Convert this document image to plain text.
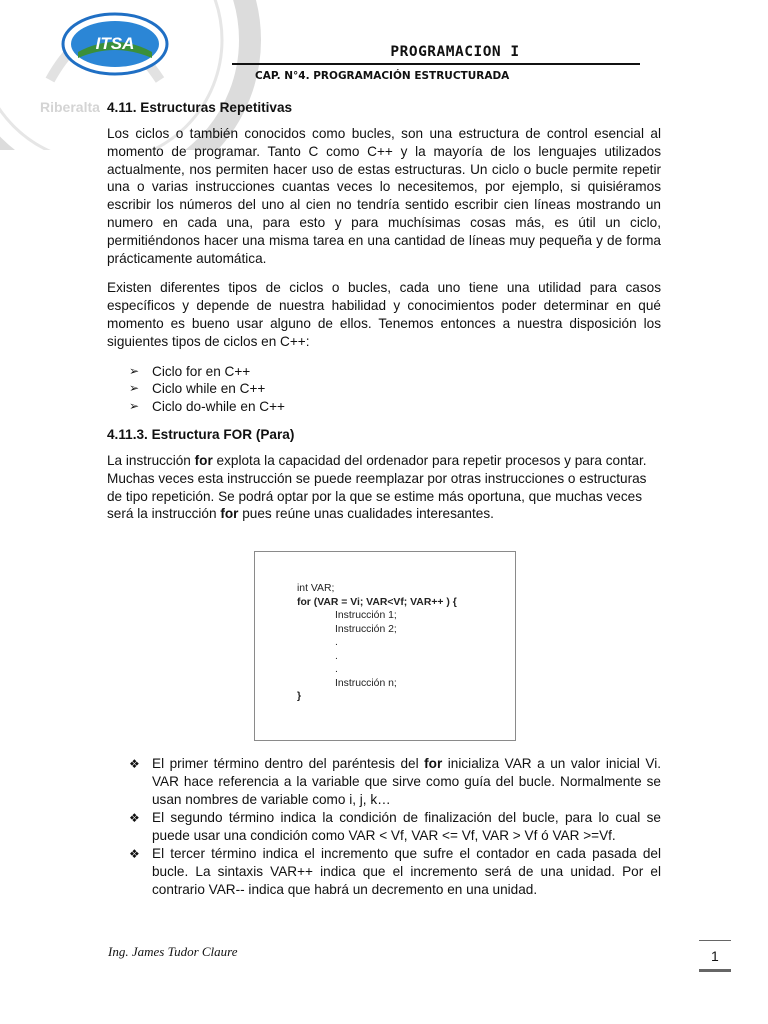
Riberalta
ITSA	PROGRAMACION I
CAP. N°4. PROGRAMACIÓN ESTRUCTURADA
4.11. Estructuras Repetitivas

Los ciclos o también conocidos como bucles, son una estructura de control esencial al momento de programar. Tanto C como C++ y la mayoría de los lenguajes utilizados actualmente, nos permiten hacer uso de estas estructuras. Un ciclo o bucle permite repetir una o varias instrucciones cuantas veces lo necesitemos, por ejemplo, si quisiéramos escribir los números del uno al cien no tendría sentido escribir cien líneas mostrando un numero en cada una, para esto y para muchísimas cosas más, es útil un ciclo, permitiéndonos hacer una misma tarea en una cantidad de líneas muy pequeña y de forma prácticamente automática.

Existen diferentes tipos de ciclos o bucles, cada uno tiene una utilidad para casos específicos y depende de nuestra habilidad y conocimientos poder determinar en qué momento es bueno usar alguno de ellos. Tenemos entonces a nuestra disposición los siguientes tipos de ciclos en C++:

➢ Ciclo for en C++
➢ Ciclo while en C++
➢ Ciclo do-while en C++
4.11.3. Estructura FOR (Para)

La instrucción for explota la capacidad del ordenador para repetir procesos y para contar. Muchas veces esta instrucción se puede reemplazar por otras instrucciones o estructuras de tipo repetición. Se podrá optar por la que se estime más oportuna, que muchas veces será la instrucción for pues reúne unas cualidades interesantes.

int VAR;
for (VAR = Vi; VAR<Vf; VAR++ ) {
Instrucción 1;
Instrucción 2;
.
.
.
Instrucción n;
}
❖ El primer término dentro del paréntesis del for inicializa VAR a un valor inicial Vi. VAR hace referencia a la variable que sirve como guía del bucle. Normalmente se usan nombres de variable como i, j, k…
❖ El segundo término indica la condición de finalización del bucle, para lo cual se puede usar una condición como VAR < Vf, VAR <= Vf, VAR > Vf ó VAR >=Vf.
❖ El tercer término indica el incremento que sufre el contador en cada pasada del bucle. La sintaxis VAR++ indica que el incremento será de una unidad. Por el contrario VAR-- indica que habrá un decremento en una unidad.
Ing. James Tudor Claure	1
